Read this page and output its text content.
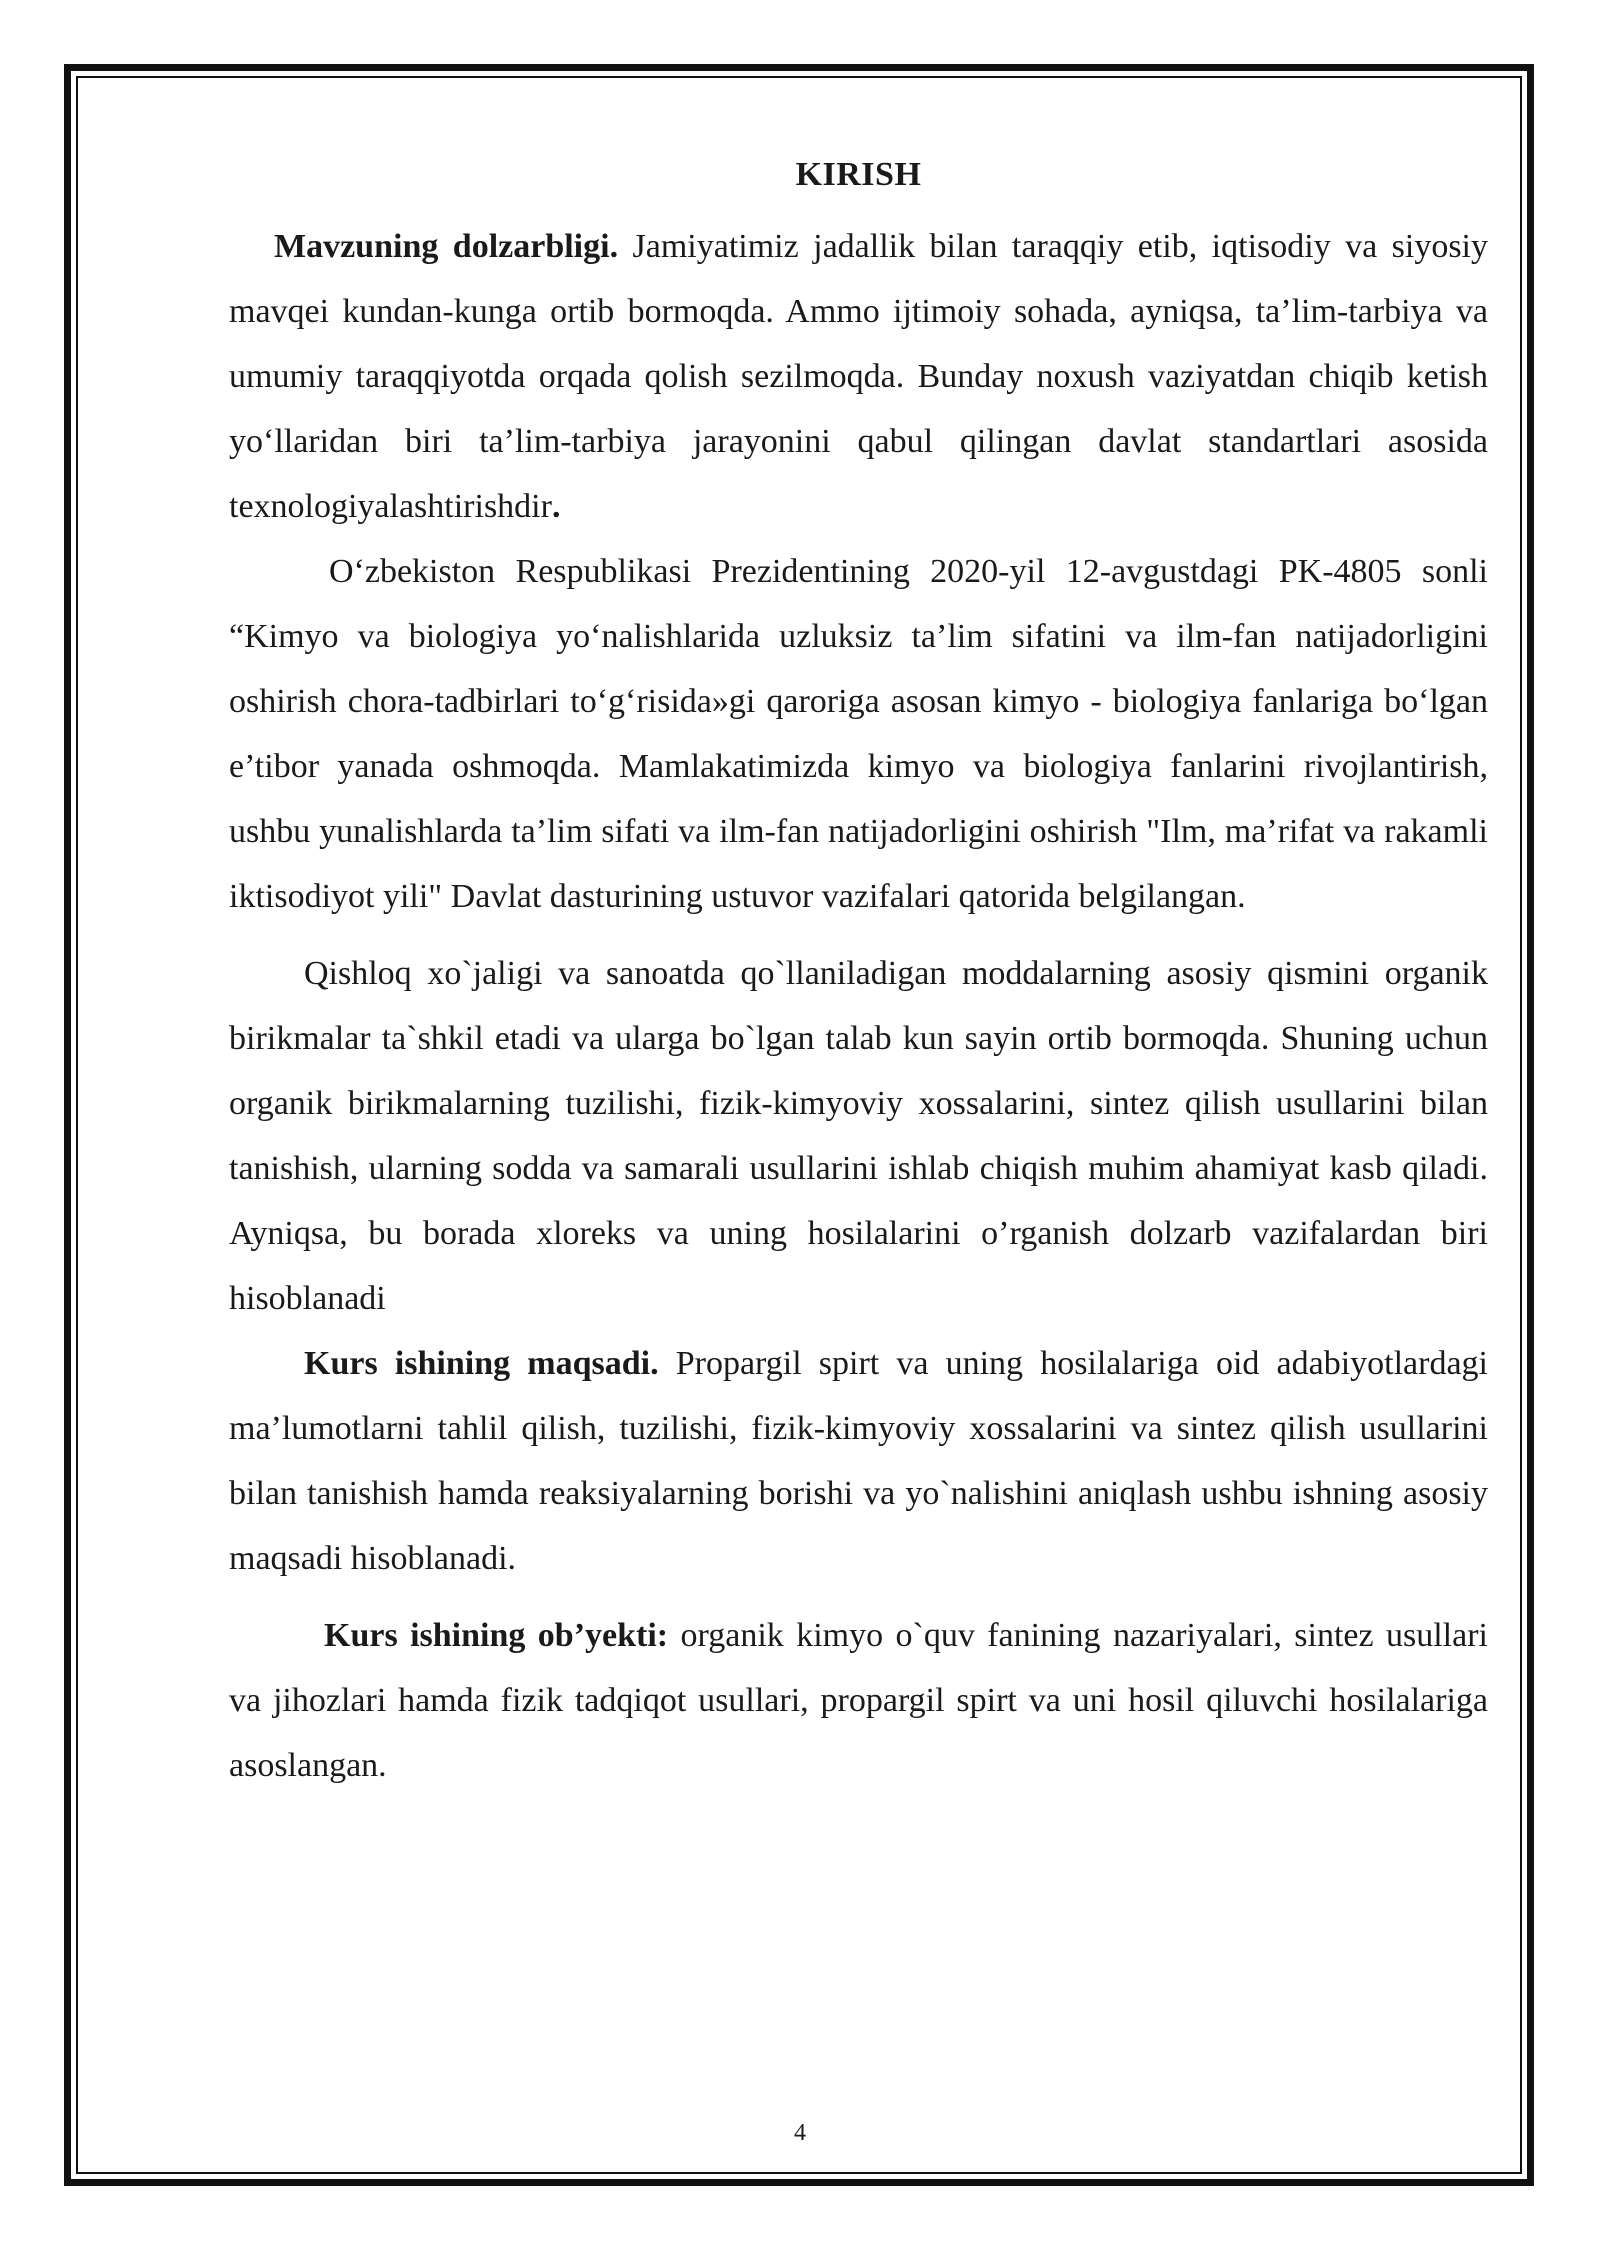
KIRISH

Mavzuning dolzarbligi. Jamiyatimiz jadallik bilan taraqqiy etib, iqtisodiy va siyosiy mavqei kundan-kunga ortib bormoqda. Ammo ijtimoiy sohada, ayniqsa, ta’lim-tarbiya va umumiy taraqqiyotda orqada qolish sezilmoqda. Bunday noxush vaziyatdan chiqib ketish yo‘llaridan biri ta’lim-tarbiya jarayonini qabul qilingan davlat standartlari asosida texnologiyalashtirishdir.

O‘zbekiston Respublikasi Prezidentining 2020-yil 12-avgustdagi PK-4805 sonli “Kimyo va biologiya yo‘nalishlarida uzluksiz ta’lim sifatini va ilm-fan natijadorligini oshirish chora-tadbirlari to‘g‘risida»gi qaroriga asosan kimyo - biologiya fanlariga bo‘lgan e’tibor yanada oshmoqda. Mamlakatimizda kimyo va biologiya fanlarini rivojlantirish, ushbu yunalishlarda ta’lim sifati va ilm-fan natijadorligini oshirish "Ilm, ma’rifat va rakamli iktisodiyot yili" Davlat dasturining ustuvor vazifalari qatorida belgilangan.

Qishloq xo`jaligi va sanoatda qo`llaniladigan moddalarning asosiy qismini organik birikmalar ta`shkil etadi va ularga bo`lgan talab kun sayin ortib bormoqda. Shuning uchun organik birikmalarning tuzilishi, fizik-kimyoviy xossalarini, sintez qilish usullarini bilan tanishish, ularning sodda va samarali usullarini ishlab chiqish muhim ahamiyat kasb qiladi. Ayniqsa, bu borada xloreks va uning hosilalarini o’rganish dolzarb vazifalardan biri hisoblanadi

Kurs ishining maqsadi. Propargil spirt va uning hosilalariga oid adabiyotlardagi ma’lumotlarni tahlil qilish, tuzilishi, fizik-kimyoviy xossalarini va sintez qilish usullarini bilan tanishish hamda reaksiyalarning borishi va yo`nalishini aniqlash ushbu ishning asosiy maqsadi hisoblanadi.

Kurs ishining ob’yekti: organik kimyo o`quv fanining nazariyalari, sintez usullari va jihozlari hamda fizik tadqiqot usullari, propargil spirt va uni hosil qiluvchi hosilalariga asoslangan.

4
